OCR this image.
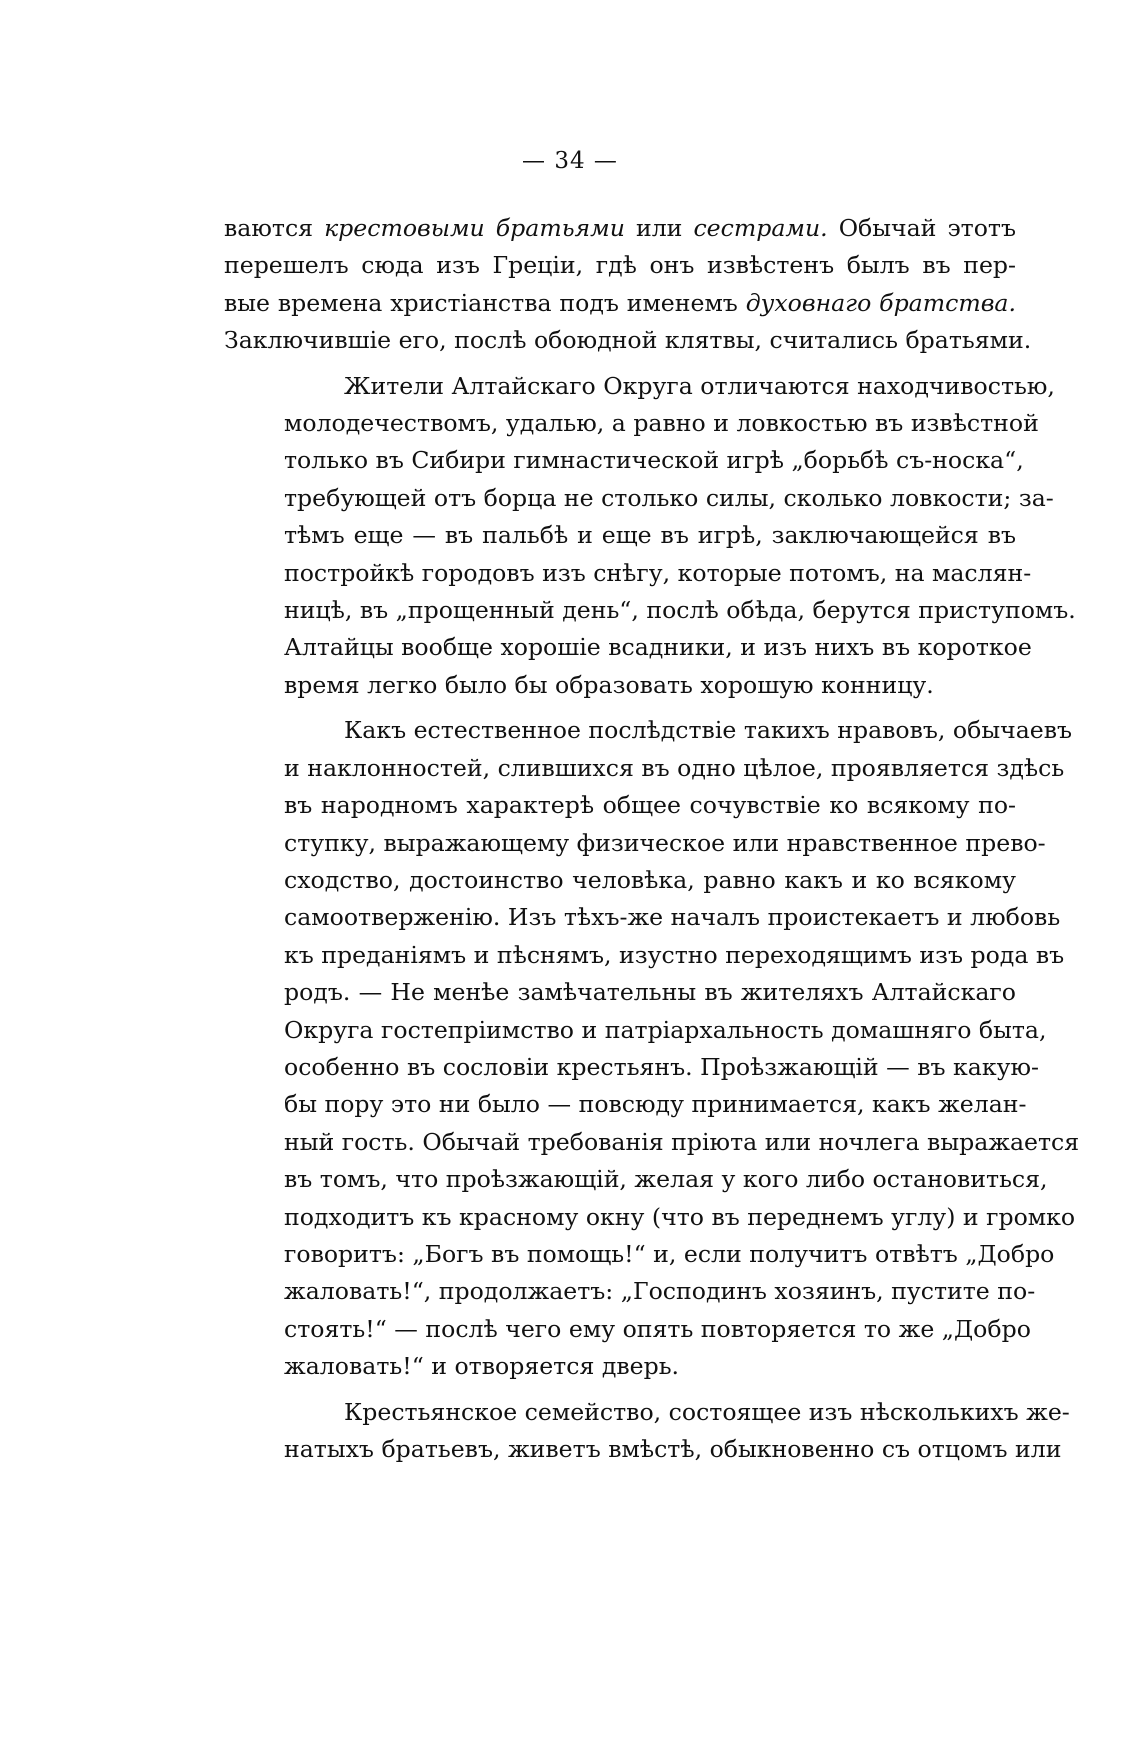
— 34 —
ваются крестовыми братьями или сестрами. Обычай этотъ
перешелъ сюда изъ Греціи, гдѣ онъ извѣстенъ былъ въ пер-
вые времена христіанства подъ именемъ духовнаго братства.
Заключившіе его, послѣ обоюдной клятвы, считались братьями.
Жители Алтайскаго Округа отличаются находчивостью,
молодечествомъ, удалью, а равно и ловкостью въ извѣстной
только въ Сибири гимнастической игрѣ „борьбѣ съ-носка“,
требующей отъ борца не столько силы, сколько ловкости; за-
тѣмъ еще — въ пальбѣ и еще въ игрѣ, заключающейся въ
постройкѣ городовъ изъ снѣгу, которые потомъ, на маслян-
ницѣ, въ „прощенный день“, послѣ обѣда, берутся приступомъ.
Алтайцы вообще хорошіе всадники, и изъ нихъ въ короткое
время легко было бы образовать хорошую конницу.
Какъ естественное послѣдствіе такихъ нравовъ, обычаевъ
и наклонностей, слившихся въ одно цѣлое, проявляется здѣсь
въ народномъ характерѣ общее сочувствіе ко всякому по-
ступку, выражающему физическое или нравственное прево-
сходство, достоинство человѣка, равно какъ и ко всякому
самоотверженію. Изъ тѣхъ-же началъ проистекаетъ и любовь
къ преданіямъ и пѣснямъ, изустно переходящимъ изъ рода въ
родъ. — Не менѣе замѣчательны въ жителяхъ Алтайскаго
Округа гостепріимство и патріархальность домашняго быта,
особенно въ сословіи крестьянъ. Проѣзжающій — въ какую-
бы пору это ни было — повсюду принимается, какъ желан-
ный гость. Обычай требованія пріюта или ночлега выражается
въ томъ, что проѣзжающій, желая у кого либо остановиться,
подходитъ къ красному окну (что въ переднемъ углу) и громко
говоритъ: „Богъ въ помощь!“ и, если получитъ отвѣтъ „Добро
жаловать!“, продолжаетъ: „Господинъ хозяинъ, пустите по-
стоять!“ — послѣ чего ему опять повторяется то же „Добро
жаловать!“ и отворяется дверь.
Крестьянское семейство, состоящее изъ нѣсколькихъ же-
натыхъ братьевъ, живетъ вмѣстѣ, обыкновенно съ отцомъ или
